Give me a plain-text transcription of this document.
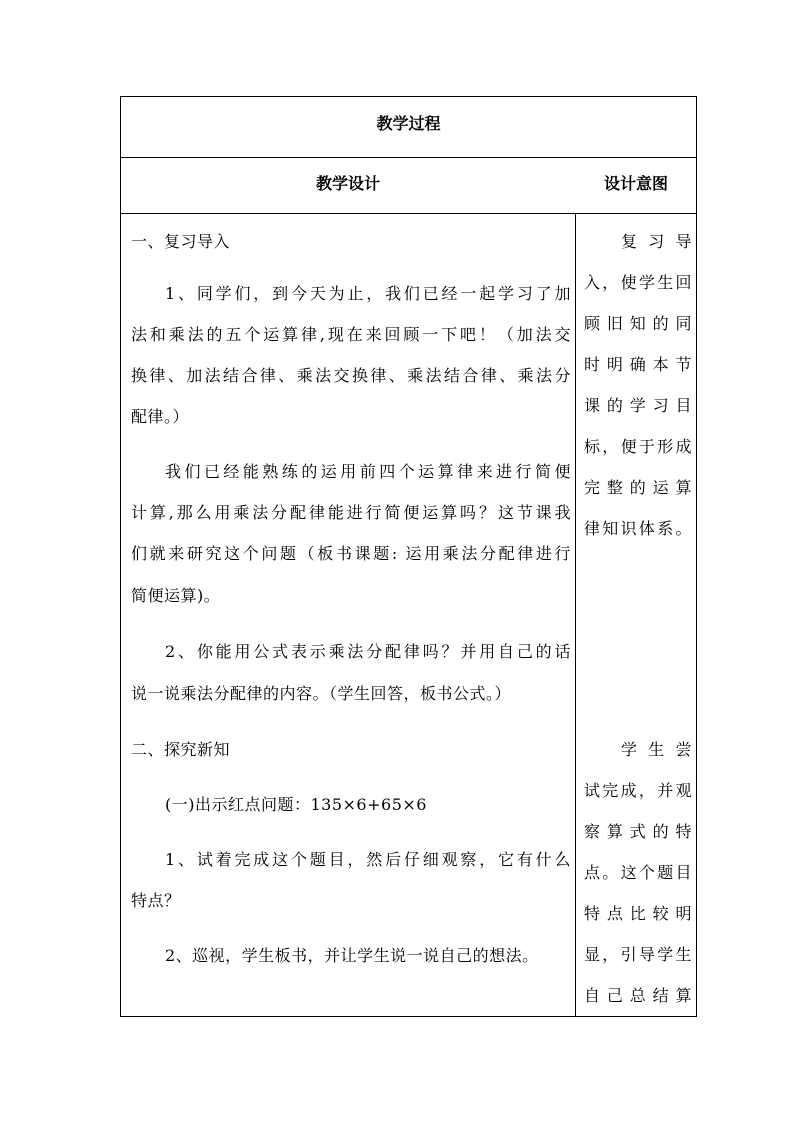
教学过程
教学设计	设计意图
一、复习导入
1、同学们，到今天为止，我们已经一起学习了加
法和乘法的五个运算律,现在来回顾一下吧！（加法交
换律、加法结合律、乘法交换律、乘法结合律、乘法分
配律。）
我们已经能熟练的运用前四个运算律来进行简便
计算,那么用乘法分配律能进行简便运算吗？这节课我
们就来研究这个问题（板书课题: 运用乘法分配律进行
简便运算)。
2、你能用公式表示乘法分配律吗？并用自己的话
说一说乘法分配律的内容。（学生回答，板书公式。）
二、探究新知
(一)出示红点问题：135×6+65×6
1、试着完成这个题目，然后仔细观察，它有什么
特点？
2、巡视，学生板书，并让学生说一说自己的想法。
复 习 导
入，使学生回
顾旧知的同
时明确本节
课的学习目
标，便于形成
完整的运算
律知识体系。
学 生 尝
试完成，并观
察算式的特
点。这个题目
特点比较明
显，引导学生
自己总结算
